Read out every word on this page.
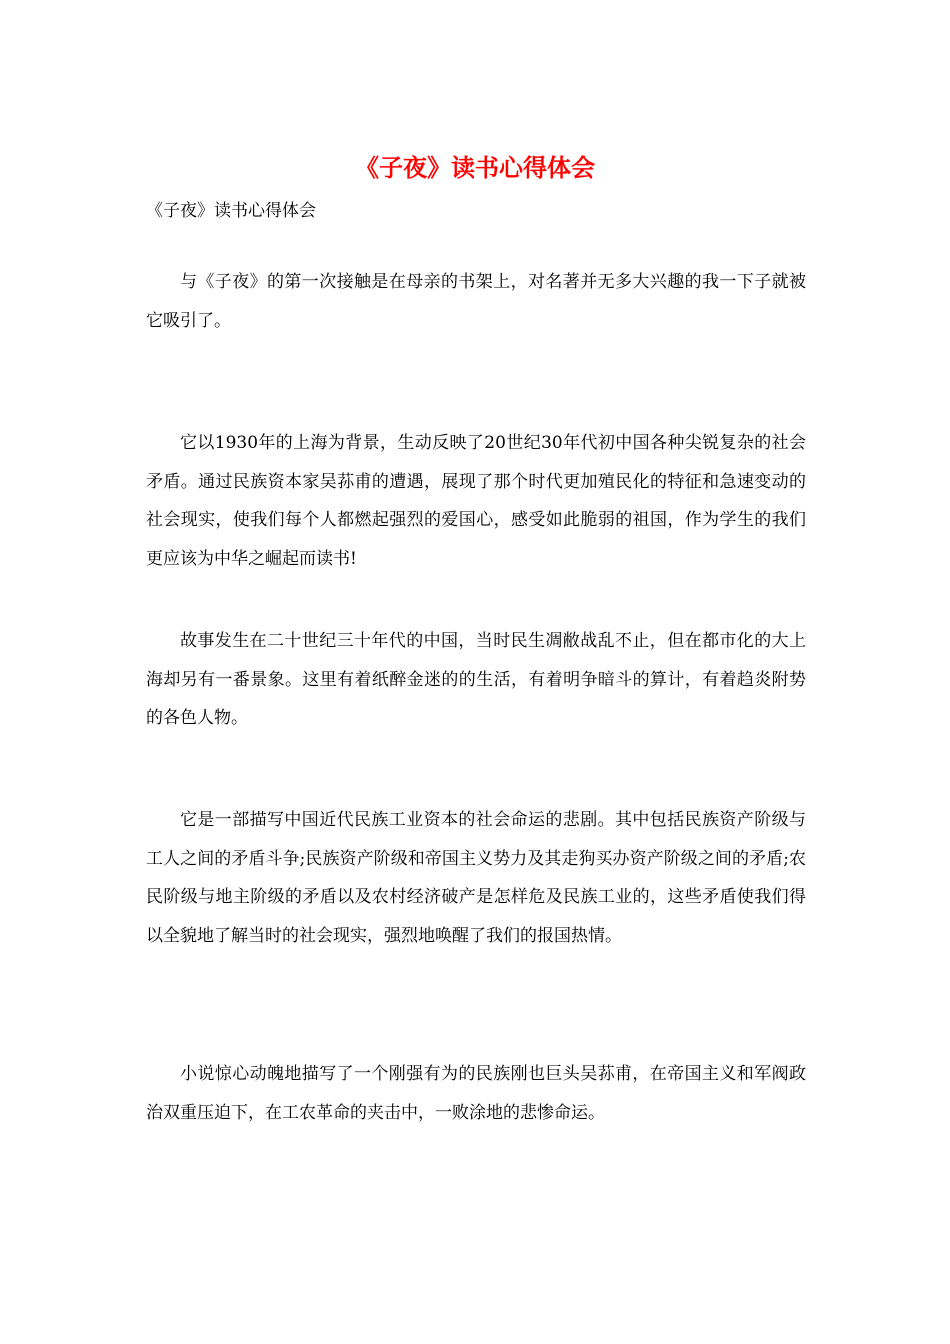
《子夜》读书心得体会

《子夜》读书心得体会

与《子夜》的第一次接触是在母亲的书架上，对名著并无多大兴趣的我一下子就被它吸引了。

它以1930年的上海为背景，生动反映了20世纪30年代初中国各种尖锐复杂的社会矛盾。通过民族资本家吴荪甫的遭遇，展现了那个时代更加殖民化的特征和急速变动的社会现实，使我们每个人都燃起强烈的爱国心，感受如此脆弱的祖国，作为学生的我们更应该为中华之崛起而读书!

故事发生在二十世纪三十年代的中国，当时民生凋敝战乱不止，但在都市化的大上海却另有一番景象。这里有着纸醉金迷的的生活，有着明争暗斗的算计，有着趋炎附势的各色人物。

它是一部描写中国近代民族工业资本的社会命运的悲剧。其中包括民族资产阶级与工人之间的矛盾斗争;民族资产阶级和帝国主义势力及其走狗买办资产阶级之间的矛盾;农民阶级与地主阶级的矛盾以及农村经济破产是怎样危及民族工业的，这些矛盾使我们得以全貌地了解当时的社会现实，强烈地唤醒了我们的报国热情。

小说惊心动魄地描写了一个刚强有为的民族刚也巨头吴荪甫，在帝国主义和军阀政治双重压迫下，在工农革命的夹击中，一败涂地的悲惨命运。
